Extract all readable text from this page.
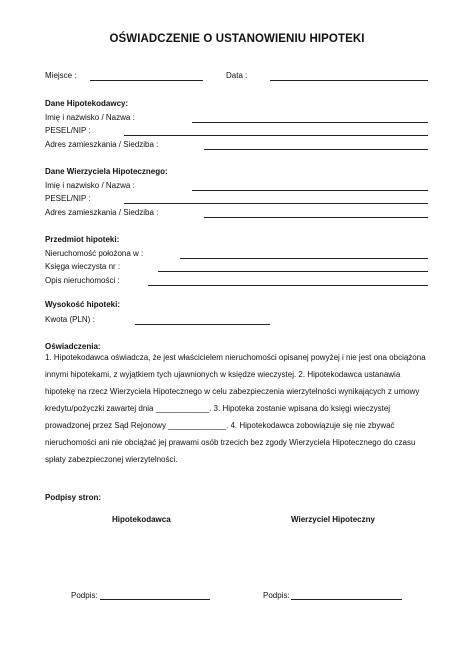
OŚWIADCZENIE O USTANOWIENIU HIPOTEKI
Miejsce :	Data :
Dane Hipotekodawcy:
Imię i nazwisko / Nazwa :
PESEL/NIP :
Adres zamieszkania / Siedziba :
Dane Wierzyciela Hipotecznego:
Imię i nazwisko / Nazwa :
PESEL/NIP :
Adres zamieszkania / Siedziba :
Przedmiot hipoteki:
Nieruchomość położona w :
Księga wieczysta nr :
Opis nieruchomości :
Wysokość hipoteki:
Kwota (PLN) :
Oświadczenia:

1. Hipotekodawca oświadcza, że jest właścicielem nieruchomości opisanej powyżej i nie jest ona obciążona

innymi hipotekami, z wyjątkiem tych ujawnionych w księdze wieczystej. 2. Hipotekodawca ustanawia

hipotekę na rzecz Wierzyciela Hipotecznego w celu zabezpieczenia wierzytelności wynikających z umowy

kredytu/pożyczki zawartej dnia ____________. 3. Hipoteka zostanie wpisana do księgi wieczystej

prowadzonej przez Sąd Rejonowy _____________. 4. Hipotekodawca zobowiązuje się nie zbywać

nieruchomości ani nie obciążać jej prawami osób trzecich bez zgody Wierzyciela Hipotecznego do czasu

spłaty zabezpieczonej wierzytelności.

Podpisy stron:
Hipotekodawca	Wierzyciel Hipoteczny
Podpis:	Podpis:
